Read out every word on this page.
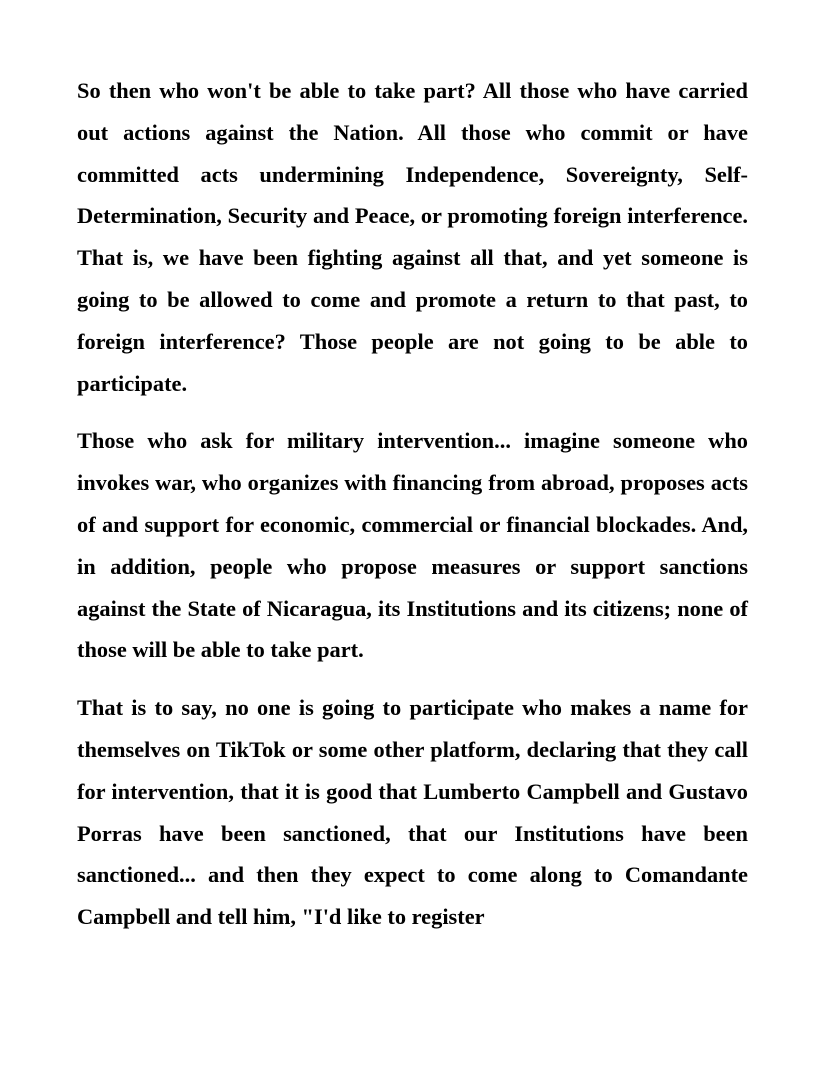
So then who won't be able to take part? All those who have carried out actions against the Nation. All those who commit or have committed acts undermining Independence, Sovereignty, Self-Determination, Security and Peace, or promoting foreign interference. That is, we have been fighting against all that, and yet someone is going to be allowed to come and promote a return to that past, to foreign interference? Those people are not going to be able to participate.

Those who ask for military intervention... imagine someone who invokes war, who organizes with financing from abroad, proposes acts of and support for economic, commercial or financial blockades. And, in addition, people who propose measures or support sanctions against the State of Nicaragua, its Institutions and its citizens; none of those will be able to take part.

That is to say, no one is going to participate who makes a name for themselves on TikTok or some other platform, declaring that they call for intervention, that it is good that Lumberto Campbell and Gustavo Porras have been sanctioned, that our Institutions have been sanctioned... and then they expect to come along to Comandante Campbell and tell him, "I'd like to register
